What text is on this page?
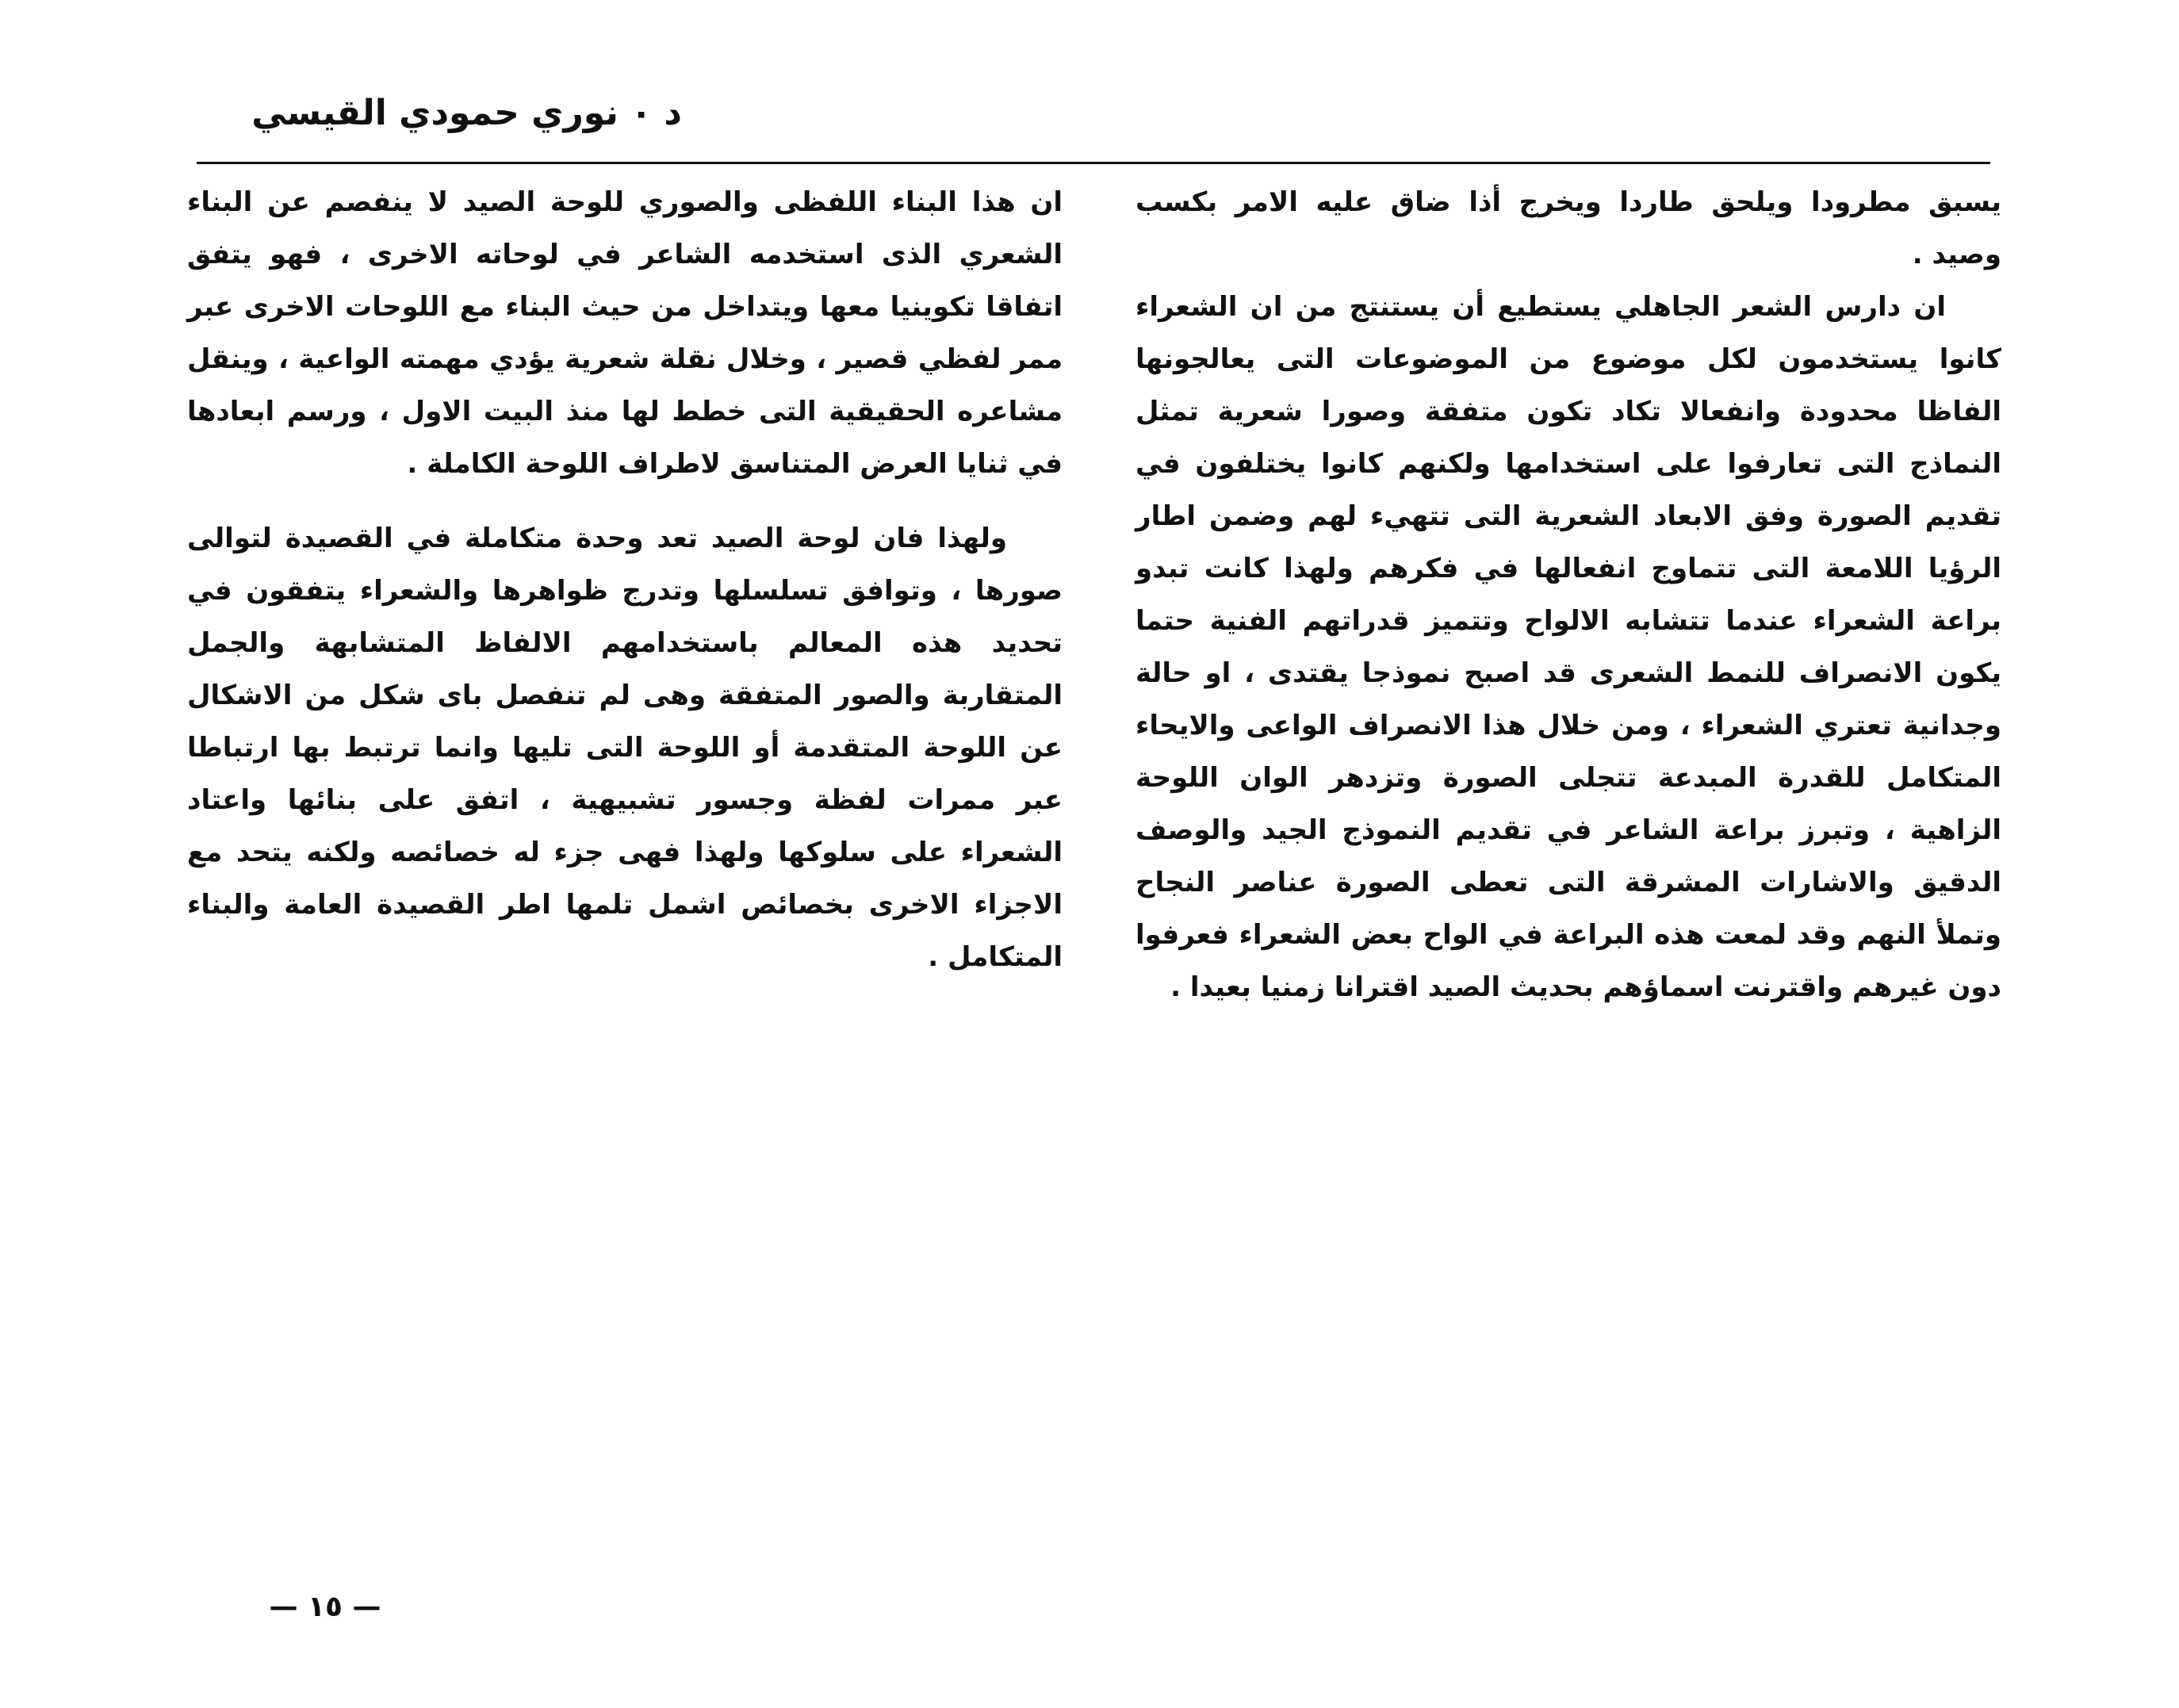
د ٠ نوري حمودي القيسي

يسبق مطرودا ويلحق طاردا ويخرج أذا ضاق عليه الامر بكسب وصيد .

ان دارس الشعر الجاهلي يستطيع أن يستنتج من ان الشعراء كانوا يستخدمون لكل موضوع من الموضوعات التى يعالجونها الفاظا محدودة وانفعالا تكاد تكون متفقة وصورا شعرية تمثل النماذج التى تعارفوا على استخدامها ولكنهم كانوا يختلفون في تقديم الصورة وفق الابعاد الشعرية التى تتهيء لهم وضمن اطار الرؤيا اللامعة التى تتماوج انفعالها في فكرهم ولهذا كانت تبدو براعة الشعراء عندما تتشابه الالواح وتتميز قدراتهم الفنية حتما يكون الانصراف للنمط الشعرى قد اصبح نموذجا يقتدى ، او حالة وجدانية تعتري الشعراء ، ومن خلال هذا الانصراف الواعى والايحاء المتكامل للقدرة المبدعة تتجلى الصورة وتزدهر الوان اللوحة الزاهية ، وتبرز براعة الشاعر في تقديم النموذج الجيد والوصف الدقيق والاشارات المشرقة التى تعطى الصورة عناصر النجاح وتملأ النهم وقد لمعت هذه البراعة في الواح بعض الشعراء فعرفوا دون غيرهم واقترنت اسماؤهم بحديث الصيد اقترانا زمنيا بعيدا .

ان هذا البناء اللفظى والصوري للوحة الصيد لا ينفصم عن البناء الشعري الذى استخدمه الشاعر في لوحاته الاخرى ، فهو يتفق اتفاقا تكوينيا معها ويتداخل من حيث البناء مع اللوحات الاخرى عبر ممر لفظي قصير ، وخلال نقلة شعرية يؤدي مهمته الواعية ، وينقل مشاعره الحقيقية التى خطط لها منذ البيت الاول ، ورسم ابعادها في ثنايا العرض المتناسق لاطراف اللوحة الكاملة .

ولهذا فان لوحة الصيد تعد وحدة متكاملة في القصيدة لتوالى صورها ، وتوافق تسلسلها وتدرج ظواهرها والشعراء يتفقون في تحديد هذه المعالم باستخدامهم الالفاظ المتشابهة والجمل المتقاربة والصور المتفقة وهى لم تنفصل باى شكل من الاشكال عن اللوحة المتقدمة أو اللوحة التى تليها وانما ترتبط بها ارتباطا عبر ممرات لفظة وجسور تشبيهية ، اتفق على بنائها واعتاد الشعراء على سلوكها ولهذا فهى جزء له خصائصه ولكنه يتحد مع الاجزاء الاخرى بخصائص اشمل تلمها اطر القصيدة العامة والبناء المتكامل .

— ١٥ —
